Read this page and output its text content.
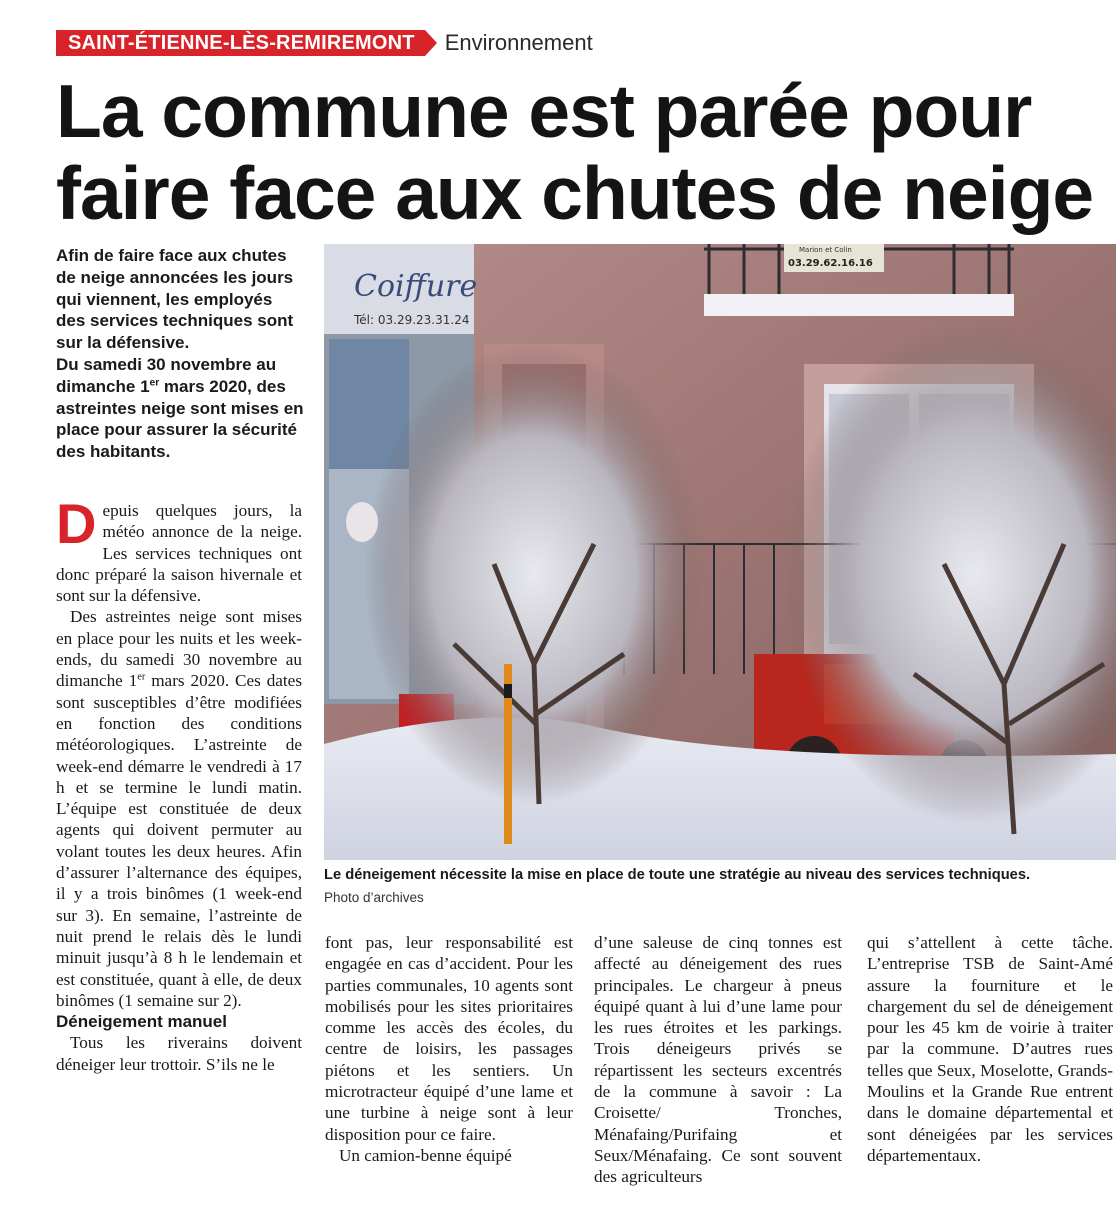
SAINT-ÉTIENNE-LÈS-REMIREMONT	Environnement
La commune est parée pour
faire face aux chutes de neige
Afin de faire face aux chutes de neige annoncées les jours qui viennent, les employés des services techniques sont sur la défensive.
Du samedi 30 novembre au dimanche 1er mars 2020, des astreintes neige sont mises en place pour assurer la sécurité des habitants.

Depuis quelques jours, la météo annonce de la neige. Les services techniques ont donc préparé la saison hivernale et sont sur la défensive.

Des astreintes neige sont mises en place pour les nuits et les week-ends, du samedi 30 novembre au dimanche 1er mars 2020. Ces dates sont susceptibles d’être modifiées en fonction des conditions météorologiques. L’astreinte de week-end démarre le vendredi à 17 h et se termine le lundi matin. L’équipe est constituée de deux agents qui doivent permuter au volant toutes les deux heures. Afin d’assurer l’alternance des équipes, il y a trois binômes (1 week-end sur 3). En semaine, l’astreinte de nuit prend le relais dès le lundi minuit jusqu’à 8 h le lendemain et est constituée, quant à elle, de deux binômes (1 semaine sur 2).

Déneigement manuel

Tous les riverains doivent déneiger leur trottoir. S’ils ne le

Coiffure
Tél: 03.29.23.31.24
Marion et Colin
03.29.62.16.16

Le déneigement nécessite la mise en place de toute une stratégie au niveau des services techniques.

Photo d’archives

font pas, leur responsabilité est engagée en cas d’accident. Pour les parties communales, 10 agents sont mobilisés pour les sites prioritaires comme les accès des écoles, du centre de loisirs, les passages piétons et les sentiers. Un microtracteur équipé d’une lame et une turbine à neige sont à leur disposition pour ce faire.

Un camion-benne équipé

d’une saleuse de cinq tonnes est affecté au déneigement des rues principales. Le chargeur à pneus équipé quant à lui d’une lame pour les rues étroites et les parkings. Trois déneigeurs privés se répartissent les secteurs excentrés de la commune à savoir : La Croisette/ Tronches, Ménafaing/Purifaing et Seux/Ménafaing. Ce sont souvent des agriculteurs

qui s’attellent à cette tâche. L’entreprise TSB de Saint-Amé assure la fourniture et le chargement du sel de déneigement pour les 45 km de voirie à traiter par la commune. D’autres rues telles que Seux, Moselotte, Grands-Moulins et la Grande Rue entrent dans le domaine départemental et sont déneigées par les services départementaux.
